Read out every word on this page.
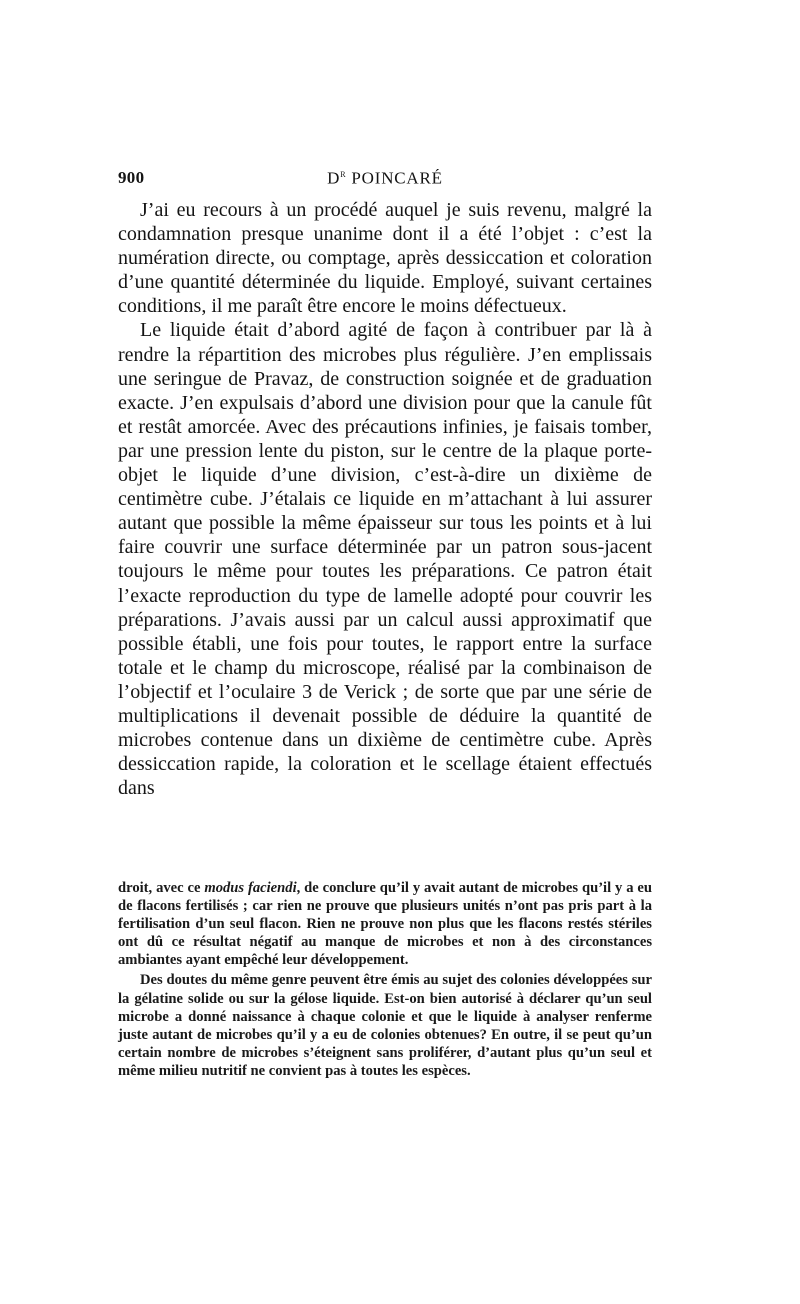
900	$D^r$ POINCARÉ

J’ai eu recours à un procédé auquel je suis revenu, malgré la condamnation presque unanime dont il a été l’objet : c’est la numération directe, ou comptage, après dessiccation et coloration d’une quantité déterminée du liquide. Employé, suivant certaines conditions, il me paraît être encore le moins défectueux.

Le liquide était d’abord agité de façon à contribuer par là à rendre la répartition des microbes plus régulière. J’en emplissais une seringue de Pravaz, de construction soignée et de graduation exacte. J’en expulsais d’abord une division pour que la canule fût et restât amorcée. Avec des précautions infinies, je faisais tomber, par une pression lente du piston, sur le centre de la plaque porte-objet le liquide d’une division, c’est-à-dire un dixième de centimètre cube. J’étalais ce liquide en m’attachant à lui assurer autant que possible la même épaisseur sur tous les points et à lui faire couvrir une surface déterminée par un patron sous-jacent toujours le même pour toutes les préparations. Ce patron était l’exacte reproduction du type de lamelle adopté pour couvrir les préparations. J’avais aussi par un calcul aussi approximatif que possible établi, une fois pour toutes, le rapport entre la surface totale et le champ du microscope, réalisé par la combinaison de l’objectif et l’oculaire 3 de Verick ; de sorte que par une série de multiplications il devenait possible de déduire la quantité de microbes contenue dans un dixième de centimètre cube. Après dessiccation rapide, la coloration et le scellage étaient effectués dans

droit, avec ce modus faciendi, de conclure qu’il y avait autant de microbes qu’il y a eu de flacons fertilisés ; car rien ne prouve que plusieurs unités n’ont pas pris part à la fertilisation d’un seul flacon. Rien ne prouve non plus que les flacons restés stériles ont dû ce résultat négatif au manque de microbes et non à des circonstances ambiantes ayant empêché leur développement.

Des doutes du même genre peuvent être émis au sujet des colonies développées sur la gélatine solide ou sur la gélose liquide. Est-on bien autorisé à déclarer qu’un seul microbe a donné naissance à chaque colonie et que le liquide à analyser renferme juste autant de microbes qu’il y a eu de colonies obtenues? En outre, il se peut qu’un certain nombre de microbes s’éteignent sans proliférer, d’autant plus qu’un seul et même milieu nutritif ne convient pas à toutes les espèces.
